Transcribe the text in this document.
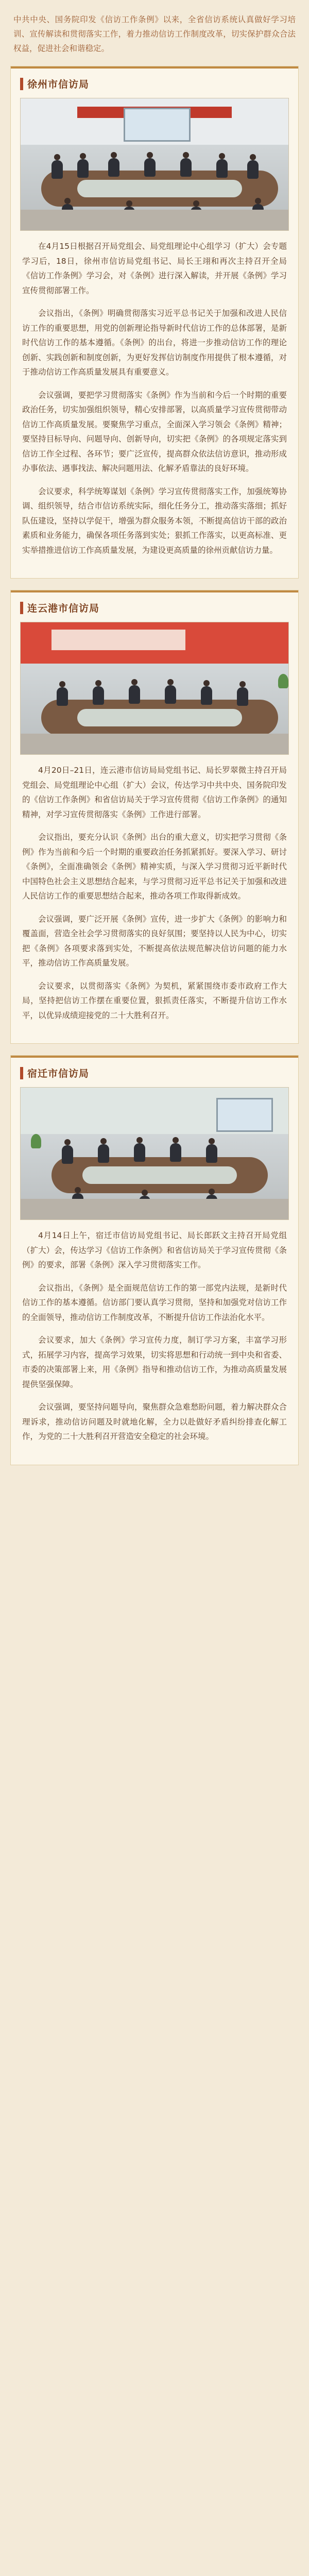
中共中央、国务院印发《信访工作条例》以来，全省信访系统认真做好学习培训、宣传解读和贯彻落实工作，着力推动信访工作制度改革，切实保护群众合法权益，促进社会和谐稳定。

徐州市信访局

在4月15日根据召开局党组会、局党组理论中心组学习（扩大）会专题学习后，18日，徐州市信访局党组书记、局长王翊和再次主持召开全局《信访工作条例》学习会，对《条例》进行深入解读，并开展《条例》学习宣传贯彻部署工作。

会议指出，《条例》明确贯彻落实习近平总书记关于加强和改进人民信访工作的重要思想，用党的创新理论指导新时代信访工作的总体部署，是新时代信访工作的基本遵循。《条例》的出台，将进一步推动信访工作的理论创新、实践创新和制度创新，为更好发挥信访制度作用提供了根本遵循，对于推动信访工作高质量发展具有重要意义。

会议强调，要把学习贯彻落实《条例》作为当前和今后一个时期的重要政治任务，切实加强组织领导，精心安排部署，以高质量学习宣传贯彻带动信访工作高质量发展。要聚焦学习重点，全面深入学习领会《条例》精神；要坚持目标导向、问题导向、创新导向，切实把《条例》的各项规定落实到信访工作全过程、各环节；要广泛宣传，提高群众依法信访意识，推动形成办事依法、遇事找法、解决问题用法、化解矛盾靠法的良好环境。

会议要求，科学统筹谋划《条例》学习宣传贯彻落实工作，加强统筹协调、组织领导，结合市信访系统实际，细化任务分工，推动落实落细；抓好队伍建设，坚持以学促干，增强为群众服务本领，不断提高信访干部的政治素质和业务能力，确保各项任务落到实处；狠抓工作落实，以更高标准、更实举措推进信访工作高质量发展，为建设更高质量的徐州贡献信访力量。

连云港市信访局

4月20日–21日，连云港市信访局局党组书记、局长罗翠微主持召开局党组会、局党组理论中心组（扩大）会议，传达学习中共中央、国务院印发的《信访工作条例》和省信访局关于学习宣传贯彻《信访工作条例》的通知精神，对学习宣传贯彻落实《条例》工作进行部署。

会议指出，要充分认识《条例》出台的重大意义，切实把学习贯彻《条例》作为当前和今后一个时期的重要政治任务抓紧抓好。要深入学习、研讨《条例》，全面准确领会《条例》精神实质，与深入学习贯彻习近平新时代中国特色社会主义思想结合起来，与学习贯彻习近平总书记关于加强和改进人民信访工作的重要思想结合起来，推动各项工作取得新成效。

会议强调，要广泛开展《条例》宣传，进一步扩大《条例》的影响力和覆盖面，营造全社会学习贯彻落实的良好氛围；要坚持以人民为中心，切实把《条例》各项要求落到实处，不断提高依法规范解决信访问题的能力水平，推动信访工作高质量发展。

会议要求，以贯彻落实《条例》为契机，紧紧围绕市委市政府工作大局，坚持把信访工作摆在重要位置，狠抓责任落实，不断提升信访工作水平，以优异成绩迎接党的二十大胜利召开。

宿迁市信访局

4月14日上午，宿迁市信访局党组书记、局长郎跃文主持召开局党组（扩大）会，传达学习《信访工作条例》和省信访局关于学习宣传贯彻《条例》的要求，部署《条例》深入学习贯彻落实工作。

会议指出，《条例》是全面规范信访工作的第一部党内法规，是新时代信访工作的基本遵循。信访部门要认真学习贯彻，坚持和加强党对信访工作的全面领导，推动信访工作制度改革，不断提升信访工作法治化水平。

会议要求，加大《条例》学习宣传力度，制订学习方案，丰富学习形式，拓展学习内容，提高学习效果，切实将思想和行动统一到中央和省委、市委的决策部署上来，用《条例》指导和推动信访工作，为推动高质量发展提供坚强保障。

会议强调，要坚持问题导向，聚焦群众急难愁盼问题，着力解决群众合理诉求，推动信访问题及时就地化解，全力以赴做好矛盾纠纷排查化解工作，为党的二十大胜利召开营造安全稳定的社会环境。
